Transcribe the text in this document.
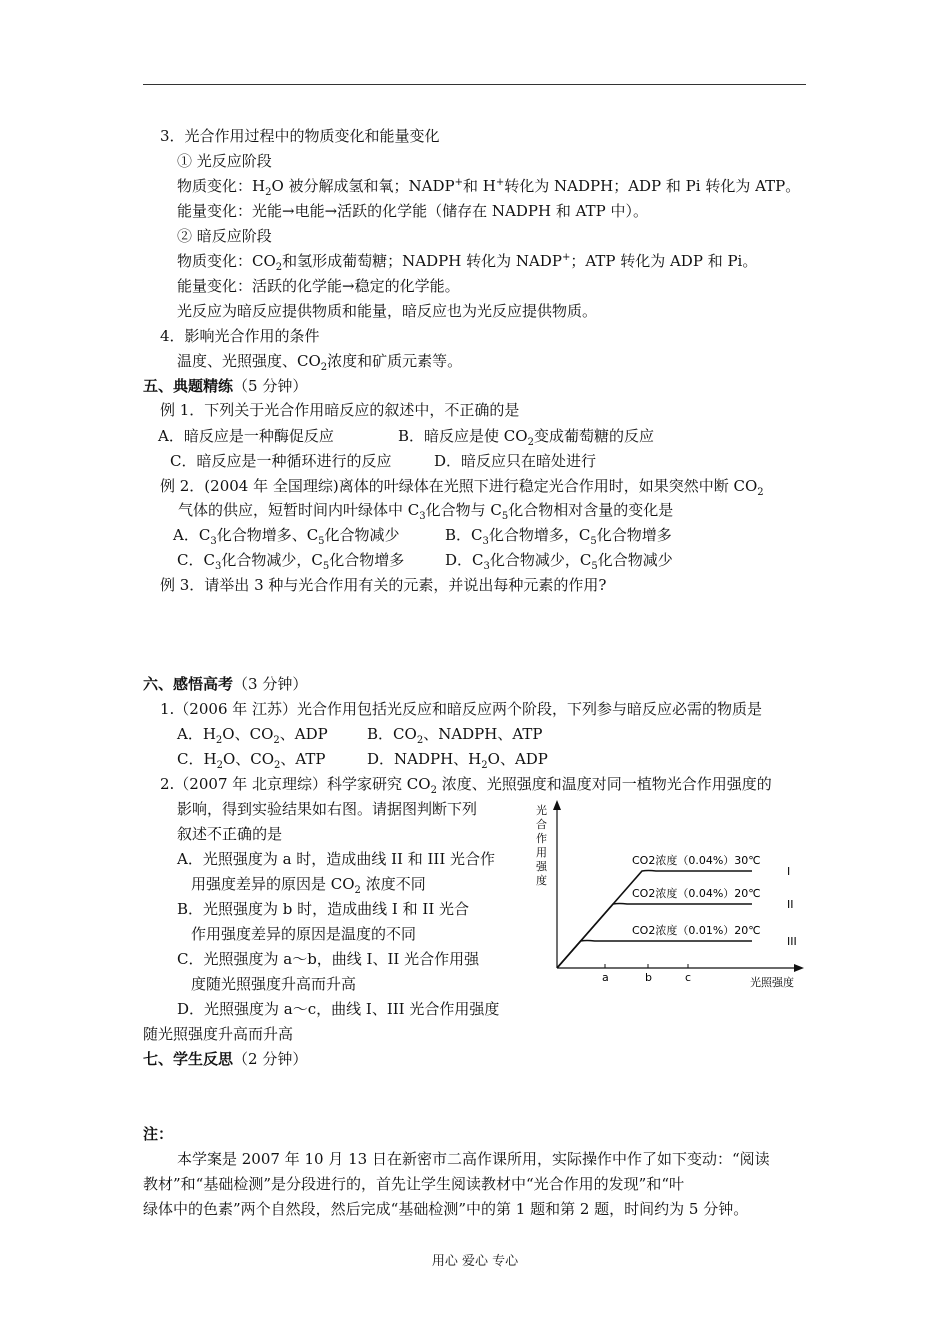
3．光合作用过程中的物质变化和能量变化
① 光反应阶段
物质变化：$H_2O$ 被分解成氢和氧；NADP+和 H+转化为 NADPH；ADP 和 Pi 转化为 ATP。
能量变化：光能→电能→活跃的化学能（储存在 NADPH 和 ATP 中）。
② 暗反应阶段
物质变化：$CO_2$和氢形成葡萄糖；NADPH 转化为 NADP+；ATP 转化为 ADP 和 Pi。
能量变化：活跃的化学能→稳定的化学能。
光反应为暗反应提供物质和能量，暗反应也为光反应提供物质。
4．影响光合作用的条件
温度、光照强度、$CO_2$浓度和矿质元素等。
五、典题精练（5 分钟）
例 1．下列关于光合作用暗反应的叙述中，不正确的是
A．暗反应是一种酶促反应	B．暗反应是使 $CO_2$变成葡萄糖的反应
C．暗反应是一种循环进行的反应	D．暗反应只在暗处进行
例 2．(2004 年 全国理综)离体的叶绿体在光照下进行稳定光合作用时，如果突然中断 $CO_2$
气体的供应，短暂时间内叶绿体中 $C_3$化合物与 $C_5$化合物相对含量的变化是
A．$C_3$化合物增多、$C_5$化合物减少	B．$C_3$化合物增多，$C_5$化合物增多
C．$C_3$化合物减少，$C_5$化合物增多	D．$C_3$化合物减少，$C_5$化合物减少
例 3．请举出 3 种与光合作用有关的元素，并说出每种元素的作用?
六、感悟高考（3 分钟）
1.（2006 年 江苏）光合作用包括光反应和暗反应两个阶段，下列参与暗反应必需的物质是
A．$H_2O$、$CO_2$、ADP	B．$CO_2$、NADPH、ATP
C．$H_2O$、$CO_2$、ATP	D．NADPH、$H_2O$、ADP
2.（2007 年 北京理综）科学家研究 $CO_2$ 浓度、光照强度和温度对同一植物光合作用强度的
影响，得到实验结果如右图。请据图判断下列
叙述不正确的是
A．光照强度为 a 时，造成曲线 II 和 III 光合作
用强度差异的原因是 $CO_2$ 浓度不同
B．光照强度为 b 时，造成曲线 I 和 II 光合
作用强度差异的原因是温度的不同
C．光照强度为 a～b，曲线 I、II 光合作用强
度随光照强度升高而升高
D．光照强度为 a～c，曲线 I、III 光合作用强度
随光照强度升高而升高
光
合
作
用
强
度
光照强度
a	b	c
CO2浓度（0.04%）30℃
I
CO2浓度（0.04%）20℃
II
CO2浓度（0.01%）20℃
III
七、学生反思（2 分钟）
注：
本学案是 2007 年 10 月 13 日在新密市二高作课所用，实际操作中作了如下变动：“阅读
教材”和“基础检测”是分段进行的，首先让学生阅读教材中“光合作用的发现”和“叶
绿体中的色素”两个自然段，然后完成“基础检测”中的第 1 题和第 2 题，时间约为 5 分钟。
用心 爱心 专心
